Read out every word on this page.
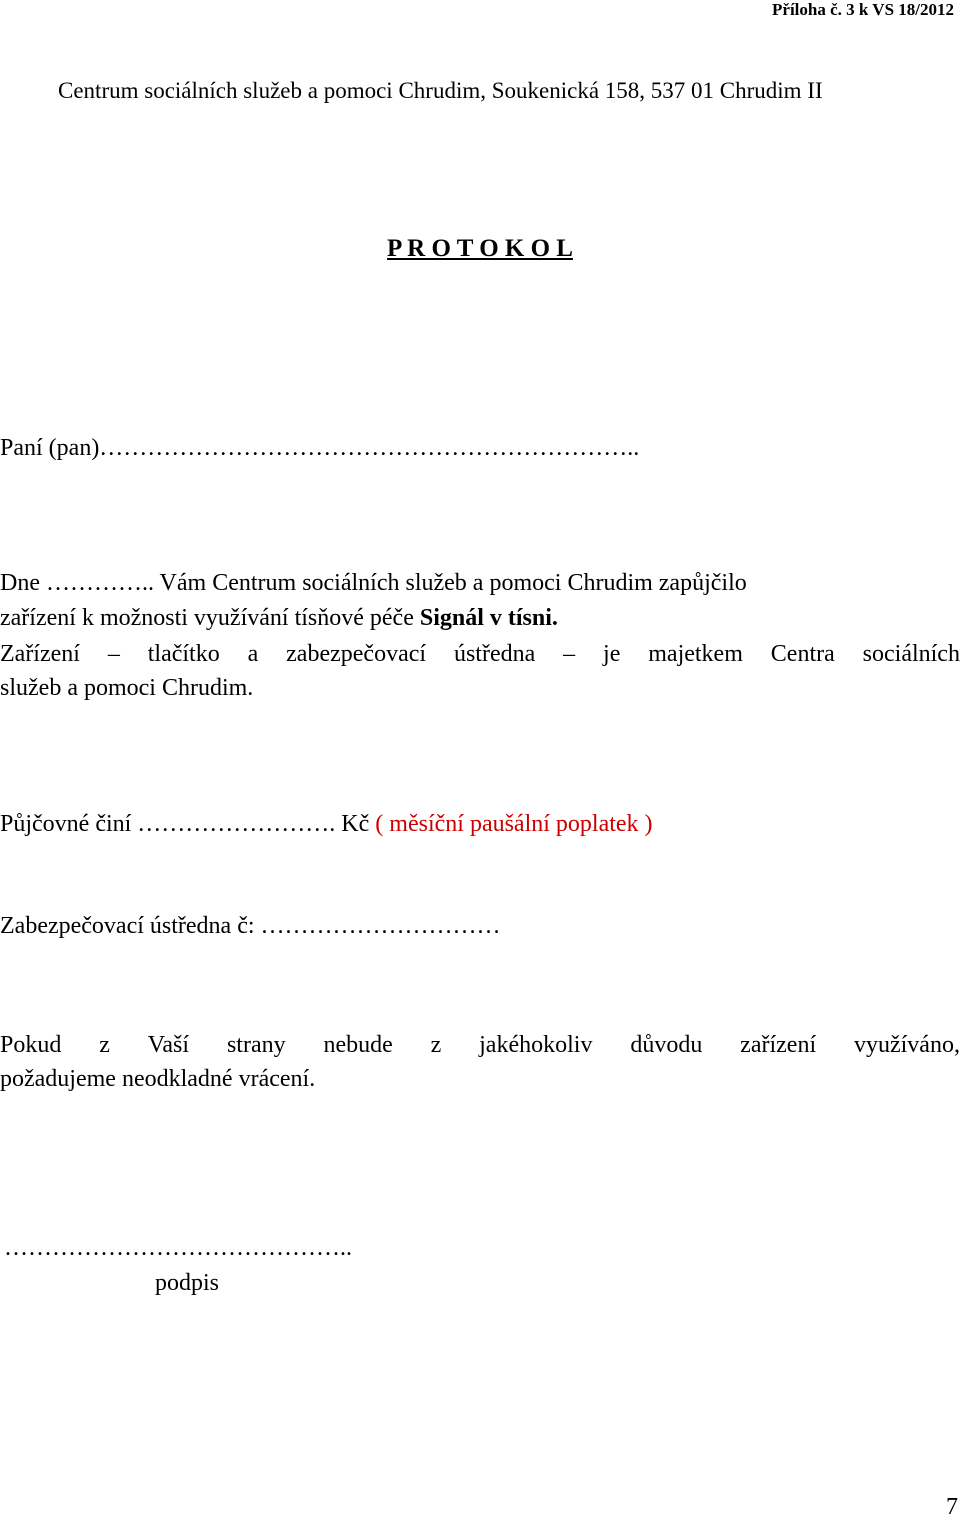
Příloha č. 3 k VS 18/2012
Centrum sociálních služeb a pomoci Chrudim, Soukenická 158, 537 01 Chrudim II
P R O T O K O L
Paní (pan)…………………………………………………………..
Dne ………….. Vám Centrum sociálních služeb a pomoci Chrudim zapůjčilo
zařízení k možnosti využívání tísňové péče Signál v tísni.
Zařízení – tlačítko a zabezpečovací ústředna – je majetkem Centra sociálních
služeb a pomoci Chrudim.
Půjčovné činí ……………………. Kč ( měsíční paušální poplatek )
Zabezpečovací ústředna č: …………………………
Pokud z Vaší strany nebude z jakéhokoliv důvodu zařízení využíváno,
požadujeme neodkladné vrácení.
……………………………………..
podpis
7
